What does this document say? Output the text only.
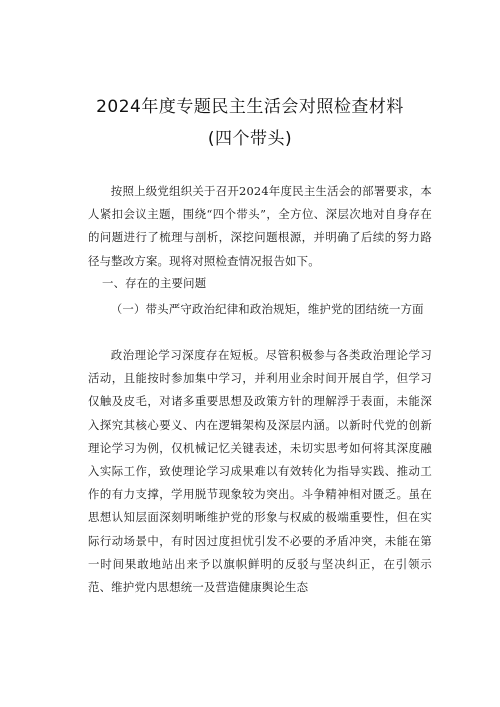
2024年度专题民主生活会对照检查材料
(四个带头)
按照上级党组织关于召开2024年度民主生活会的部署要求，本人紧扣会议主题，围绕“四个带头”，全方位、深层次地对自身存在的问题进行了梳理与剖析，深挖问题根源，并明确了后续的努力路径与整改方案。现将对照检查情况报告如下。
一、存在的主要问题
（一）带头严守政治纪律和政治规矩，维护党的团结统一方面
政治理论学习深度存在短板。尽管积极参与各类政治理论学习活动，且能按时参加集中学习，并利用业余时间开展自学，但学习仅触及皮毛，对诸多重要思想及政策方针的理解浮于表面，未能深入探究其核心要义、内在逻辑架构及深层内涵。以新时代党的创新理论学习为例，仅机械记忆关键表述，未切实思考如何将其深度融入实际工作，致使理论学习成果难以有效转化为指导实践、推动工作的有力支撑，学用脱节现象较为突出。斗争精神相对匮乏。虽在思想认知层面深刻明晰维护党的形象与权威的极端重要性，但在实际行动场景中，有时因过度担忧引发不必要的矛盾冲突，未能在第一时间果敢地站出来予以旗帜鲜明的反驳与坚决纠正，在引领示范、维护党内思想统一及营造健康舆论生态
